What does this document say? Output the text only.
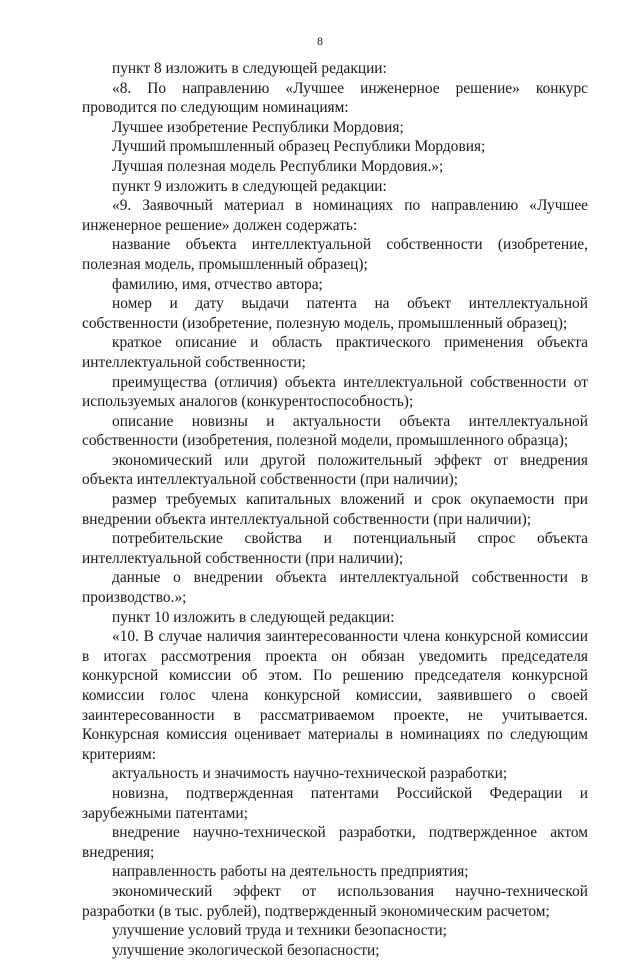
8

пункт 8 изложить в следующей редакции:

«8. По направлению «Лучшее инженерное решение» конкурс проводится по следующим номинациям:

Лучшее изобретение Республики Мордовия;

Лучший промышленный образец Республики Мордовия;

Лучшая полезная модель Республики Мордовия.»;

пункт 9 изложить в следующей редакции:

«9. Заявочный материал в номинациях по направлению «Лучшее инженерное решение» должен содержать:

название объекта интеллектуальной собственности (изобретение, полезная модель, промышленный образец);

фамилию, имя, отчество автора;

номер и дату выдачи патента на объект интеллектуальной собственности (изобретение, полезную модель, промышленный образец);

краткое описание и область практического применения объекта интеллектуальной собственности;

преимущества (отличия) объекта интеллектуальной собственности от используемых аналогов (конкурентоспособность);

описание новизны и актуальности объекта интеллектуальной собственности (изобретения, полезной модели, промышленного образца);

экономический или другой положительный эффект от внедрения объекта интеллектуальной собственности (при наличии);

размер требуемых капитальных вложений и срок окупаемости при внедрении объекта интеллектуальной собственности (при наличии);

потребительские свойства и потенциальный спрос объекта интеллектуальной собственности (при наличии);

данные о внедрении объекта интеллектуальной собственности в производство.»;

пункт 10 изложить в следующей редакции:

«10. В случае наличия заинтересованности члена конкурсной комиссии в итогах рассмотрения проекта он обязан уведомить председателя конкурсной комиссии об этом. По решению председателя конкурсной комиссии голос члена конкурсной комиссии, заявившего о своей заинтересованности в рассматриваемом проекте, не учитывается. Конкурсная комиссия оценивает материалы в номинациях по следующим критериям:

актуальность и значимость научно-технической разработки;

новизна, подтвержденная патентами Российской Федерации и зарубежными патентами;

внедрение научно-технической разработки, подтвержденное актом внедрения;

направленность работы на деятельность предприятия;

экономический эффект от использования научно-технической разработки (в тыс. рублей), подтвержденный экономическим расчетом;

улучшение условий труда и техники безопасности;

улучшение экологической безопасности;
